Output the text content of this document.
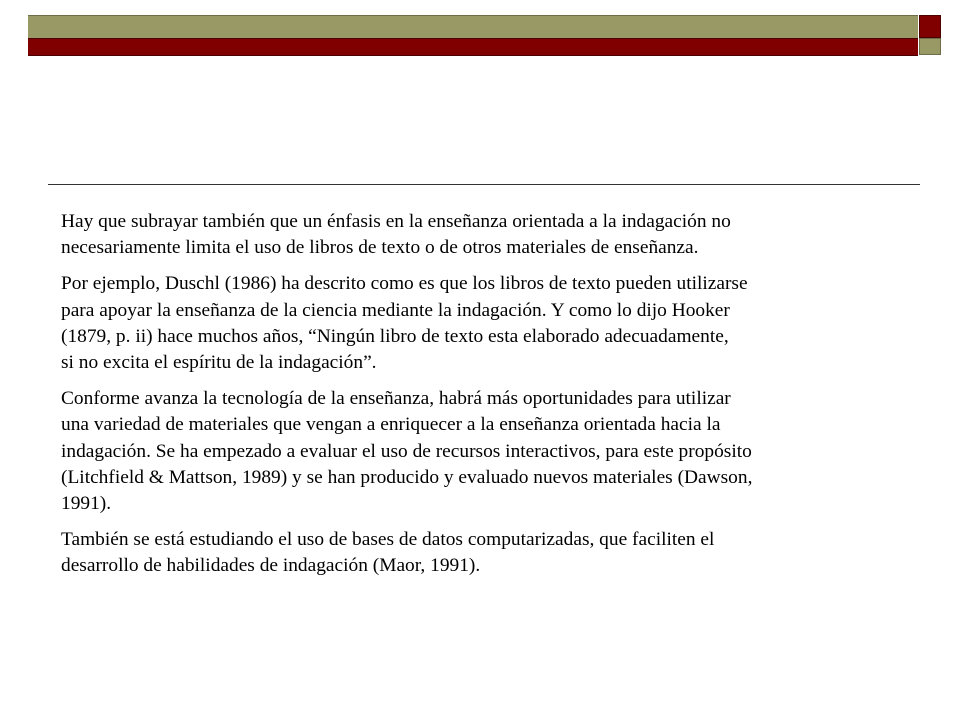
Hay que subrayar también que un énfasis en la enseñanza orientada a la indagación no
necesariamente limita el uso de libros de texto o de otros materiales de enseñanza.

Por ejemplo, Duschl (1986) ha descrito como es que los libros de texto pueden utilizarse
para apoyar la enseñanza de la ciencia mediante la indagación. Y como lo dijo Hooker
(1879, p. ii) hace muchos años, “Ningún libro de texto esta elaborado adecuadamente,
si no excita el espíritu de la indagación”.

Conforme avanza la tecnología de la enseñanza, habrá más oportunidades para utilizar
una variedad de materiales que vengan a enriquecer a la enseñanza orientada hacia la
indagación. Se ha empezado a evaluar el uso de recursos interactivos, para este propósito
(Litchfield & Mattson, 1989) y se han producido y evaluado nuevos materiales (Dawson,
1991).

También se está estudiando el uso de bases de datos computarizadas, que faciliten el
desarrollo de habilidades de indagación (Maor, 1991).
